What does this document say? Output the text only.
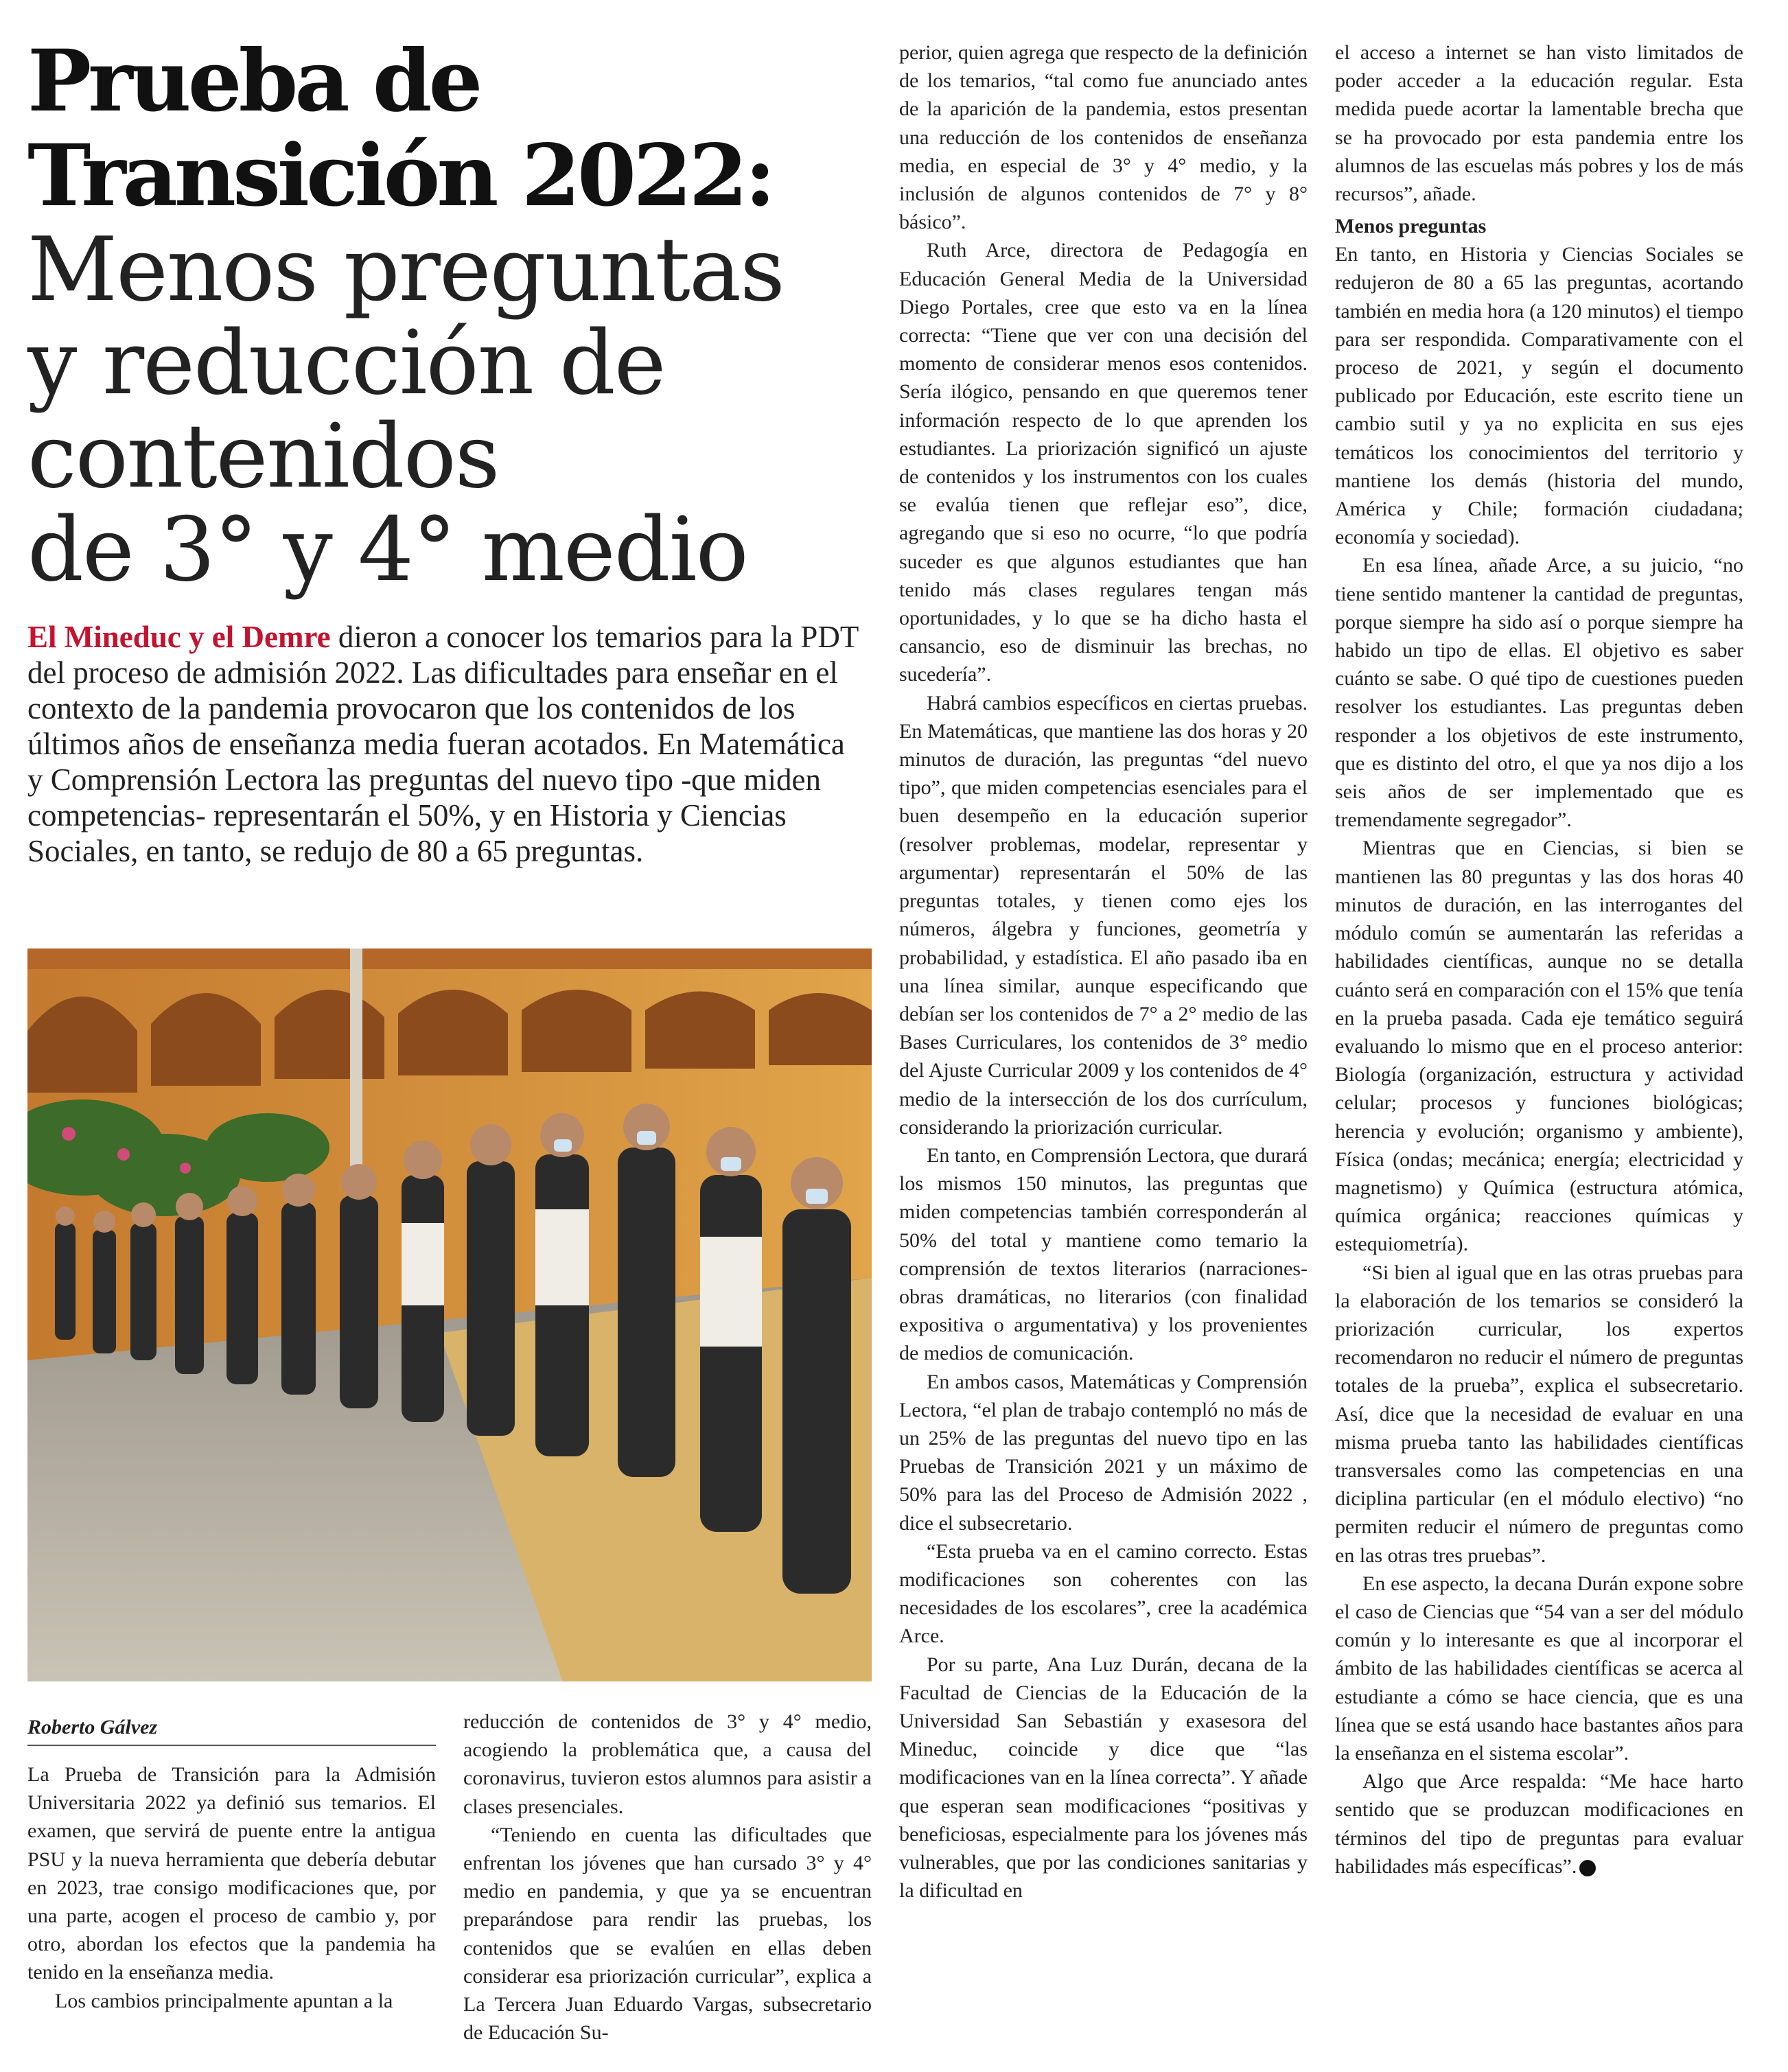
Prueba de
Transición 2022:
Menos preguntas
y reducción de
contenidos
de 3° y 4° medio
El Mineduc y el Demre dieron a conocer los temarios para la PDT del proceso de admisión 2022. Las dificultades para enseñar en el contexto de la pandemia provocaron que los contenidos de los últimos años de enseñanza media fueran acotados. En Matemática y Comprensión Lectora las preguntas del nuevo tipo -que miden competencias- representarán el 50%, y en Historia y Ciencias Sociales, en tanto, se redujo de 80 a 65 preguntas.
Roberto Gálvez

La Prueba de Transición para la Admisión Universitaria 2022 ya definió sus temarios. El examen, que servirá de puente entre la antigua PSU y la nueva herramienta que debería debutar en 2023, trae consigo modificaciones que, por una parte, acogen el proceso de cambio y, por otro, abordan los efectos que la pandemia ha tenido en la enseñanza media.

Los cambios principalmente apuntan a la

reducción de contenidos de 3° y 4° medio, acogiendo la problemática que, a causa del coronavirus, tuvieron estos alumnos para asistir a clases presenciales.

“Teniendo en cuenta las dificultades que enfrentan los jóvenes que han cursado 3° y 4° medio en pandemia, y que ya se encuentran preparándose para rendir las pruebas, los contenidos que se evalúen en ellas deben considerar esa priorización curricular”, explica a La Tercera Juan Eduardo Vargas, subsecretario de Educación Su-

perior, quien agrega que respecto de la definición de los temarios, “tal como fue anunciado antes de la aparición de la pandemia, estos presentan una reducción de los contenidos de enseñanza media, en especial de 3° y 4° medio, y la inclusión de algunos contenidos de 7° y 8° básico”.

Ruth Arce, directora de Pedagogía en Educación General Media de la Universidad Diego Portales, cree que esto va en la línea correcta: “Tiene que ver con una decisión del momento de considerar menos esos contenidos. Sería ilógico, pensando en que queremos tener información respecto de lo que aprenden los estudiantes. La priorización significó un ajuste de contenidos y los instrumentos con los cuales se evalúa tienen que reflejar eso”, dice, agregando que si eso no ocurre, “lo que podría suceder es que algunos estudiantes que han tenido más clases regulares tengan más oportunidades, y lo que se ha dicho hasta el cansancio, eso de disminuir las brechas, no sucedería”.

Habrá cambios específicos en ciertas pruebas. En Matemáticas, que mantiene las dos horas y 20 minutos de duración, las preguntas “del nuevo tipo”, que miden competencias esenciales para el buen desempeño en la educación superior (resolver problemas, modelar, representar y argumentar) representarán el 50% de las preguntas totales, y tienen como ejes los números, álgebra y funciones, geometría y probabilidad, y estadística. El año pasado iba en una línea similar, aunque especificando que debían ser los contenidos de 7° a 2° medio de las Bases Curriculares, los contenidos de 3° medio del Ajuste Curricular 2009 y los contenidos de 4° medio de la intersección de los dos currículum, considerando la priorización curricular.

En tanto, en Comprensión Lectora, que durará los mismos 150 minutos, las preguntas que miden competencias también corresponderán al 50% del total y mantiene como temario la comprensión de textos literarios (narraciones-obras dramáticas, no literarios (con finalidad expositiva o argumentativa) y los provenientes de medios de comunicación.

En ambos casos, Matemáticas y Comprensión Lectora, “el plan de trabajo contempló no más de un 25% de las preguntas del nuevo tipo en las Pruebas de Transición 2021 y un máximo de 50% para las del Proceso de Admisión 2022 , dice el subsecretario.

“Esta prueba va en el camino correcto. Estas modificaciones son coherentes con las necesidades de los escolares”, cree la académica Arce.

Por su parte, Ana Luz Durán, decana de la Facultad de Ciencias de la Educación de la Universidad San Sebastián y exasesora del Mineduc, coincide y dice que “las modificaciones van en la línea correcta”. Y añade que esperan sean modificaciones “positivas y beneficiosas, especialmente para los jóvenes más vulnerables, que por las condiciones sanitarias y la dificultad en

el acceso a internet se han visto limitados de poder acceder a la educación regular. Esta medida puede acortar la lamentable brecha que se ha provocado por esta pandemia entre los alumnos de las escuelas más pobres y los de más recursos”, añade.

Menos preguntas

En tanto, en Historia y Ciencias Sociales se redujeron de 80 a 65 las preguntas, acortando también en media hora (a 120 minutos) el tiempo para ser respondida. Comparativamente con el proceso de 2021, y según el documento publicado por Educación, este escrito tiene un cambio sutil y ya no explicita en sus ejes temáticos los conocimientos del territorio y mantiene los demás (historia del mundo, América y Chile; formación ciudadana; economía y sociedad).

En esa línea, añade Arce, a su juicio, “no tiene sentido mantener la cantidad de preguntas, porque siempre ha sido así o porque siempre ha habido un tipo de ellas. El objetivo es saber cuánto se sabe. O qué tipo de cuestiones pueden resolver los estudiantes. Las preguntas deben responder a los objetivos de este instrumento, que es distinto del otro, el que ya nos dijo a los seis años de ser implementado que es tremendamente segregador”.

Mientras que en Ciencias, si bien se mantienen las 80 preguntas y las dos horas 40 minutos de duración, en las interrogantes del módulo común se aumentarán las referidas a habilidades científicas, aunque no se detalla cuánto será en comparación con el 15% que tenía en la prueba pasada. Cada eje temático seguirá evaluando lo mismo que en el proceso anterior: Biología (organización, estructura y actividad celular; procesos y funciones biológicas; herencia y evolución; organismo y ambiente), Física (ondas; mecánica; energía; electricidad y magnetismo) y Química (estructura atómica, química orgánica; reacciones químicas y estequiometría).

“Si bien al igual que en las otras pruebas para la elaboración de los temarios se consideró la priorización curricular, los expertos recomendaron no reducir el número de preguntas totales de la prueba”, explica el subsecretario. Así, dice que la necesidad de evaluar en una misma prueba tanto las habilidades científicas transversales como las competencias en una diciplina particular (en el módulo electivo) “no permiten reducir el número de preguntas como en las otras tres pruebas”.

En ese aspecto, la decana Durán expone sobre el caso de Ciencias que “54 van a ser del módulo común y lo interesante es que al incorporar el ámbito de las habilidades científicas se acerca al estudiante a cómo se hace ciencia, que es una línea que se está usando hace bastantes años para la enseñanza en el sistema escolar”.

Algo que Arce respalda: “Me hace harto sentido que se produzcan modificaciones en términos del tipo de preguntas para evaluar habilidades más específicas”.
